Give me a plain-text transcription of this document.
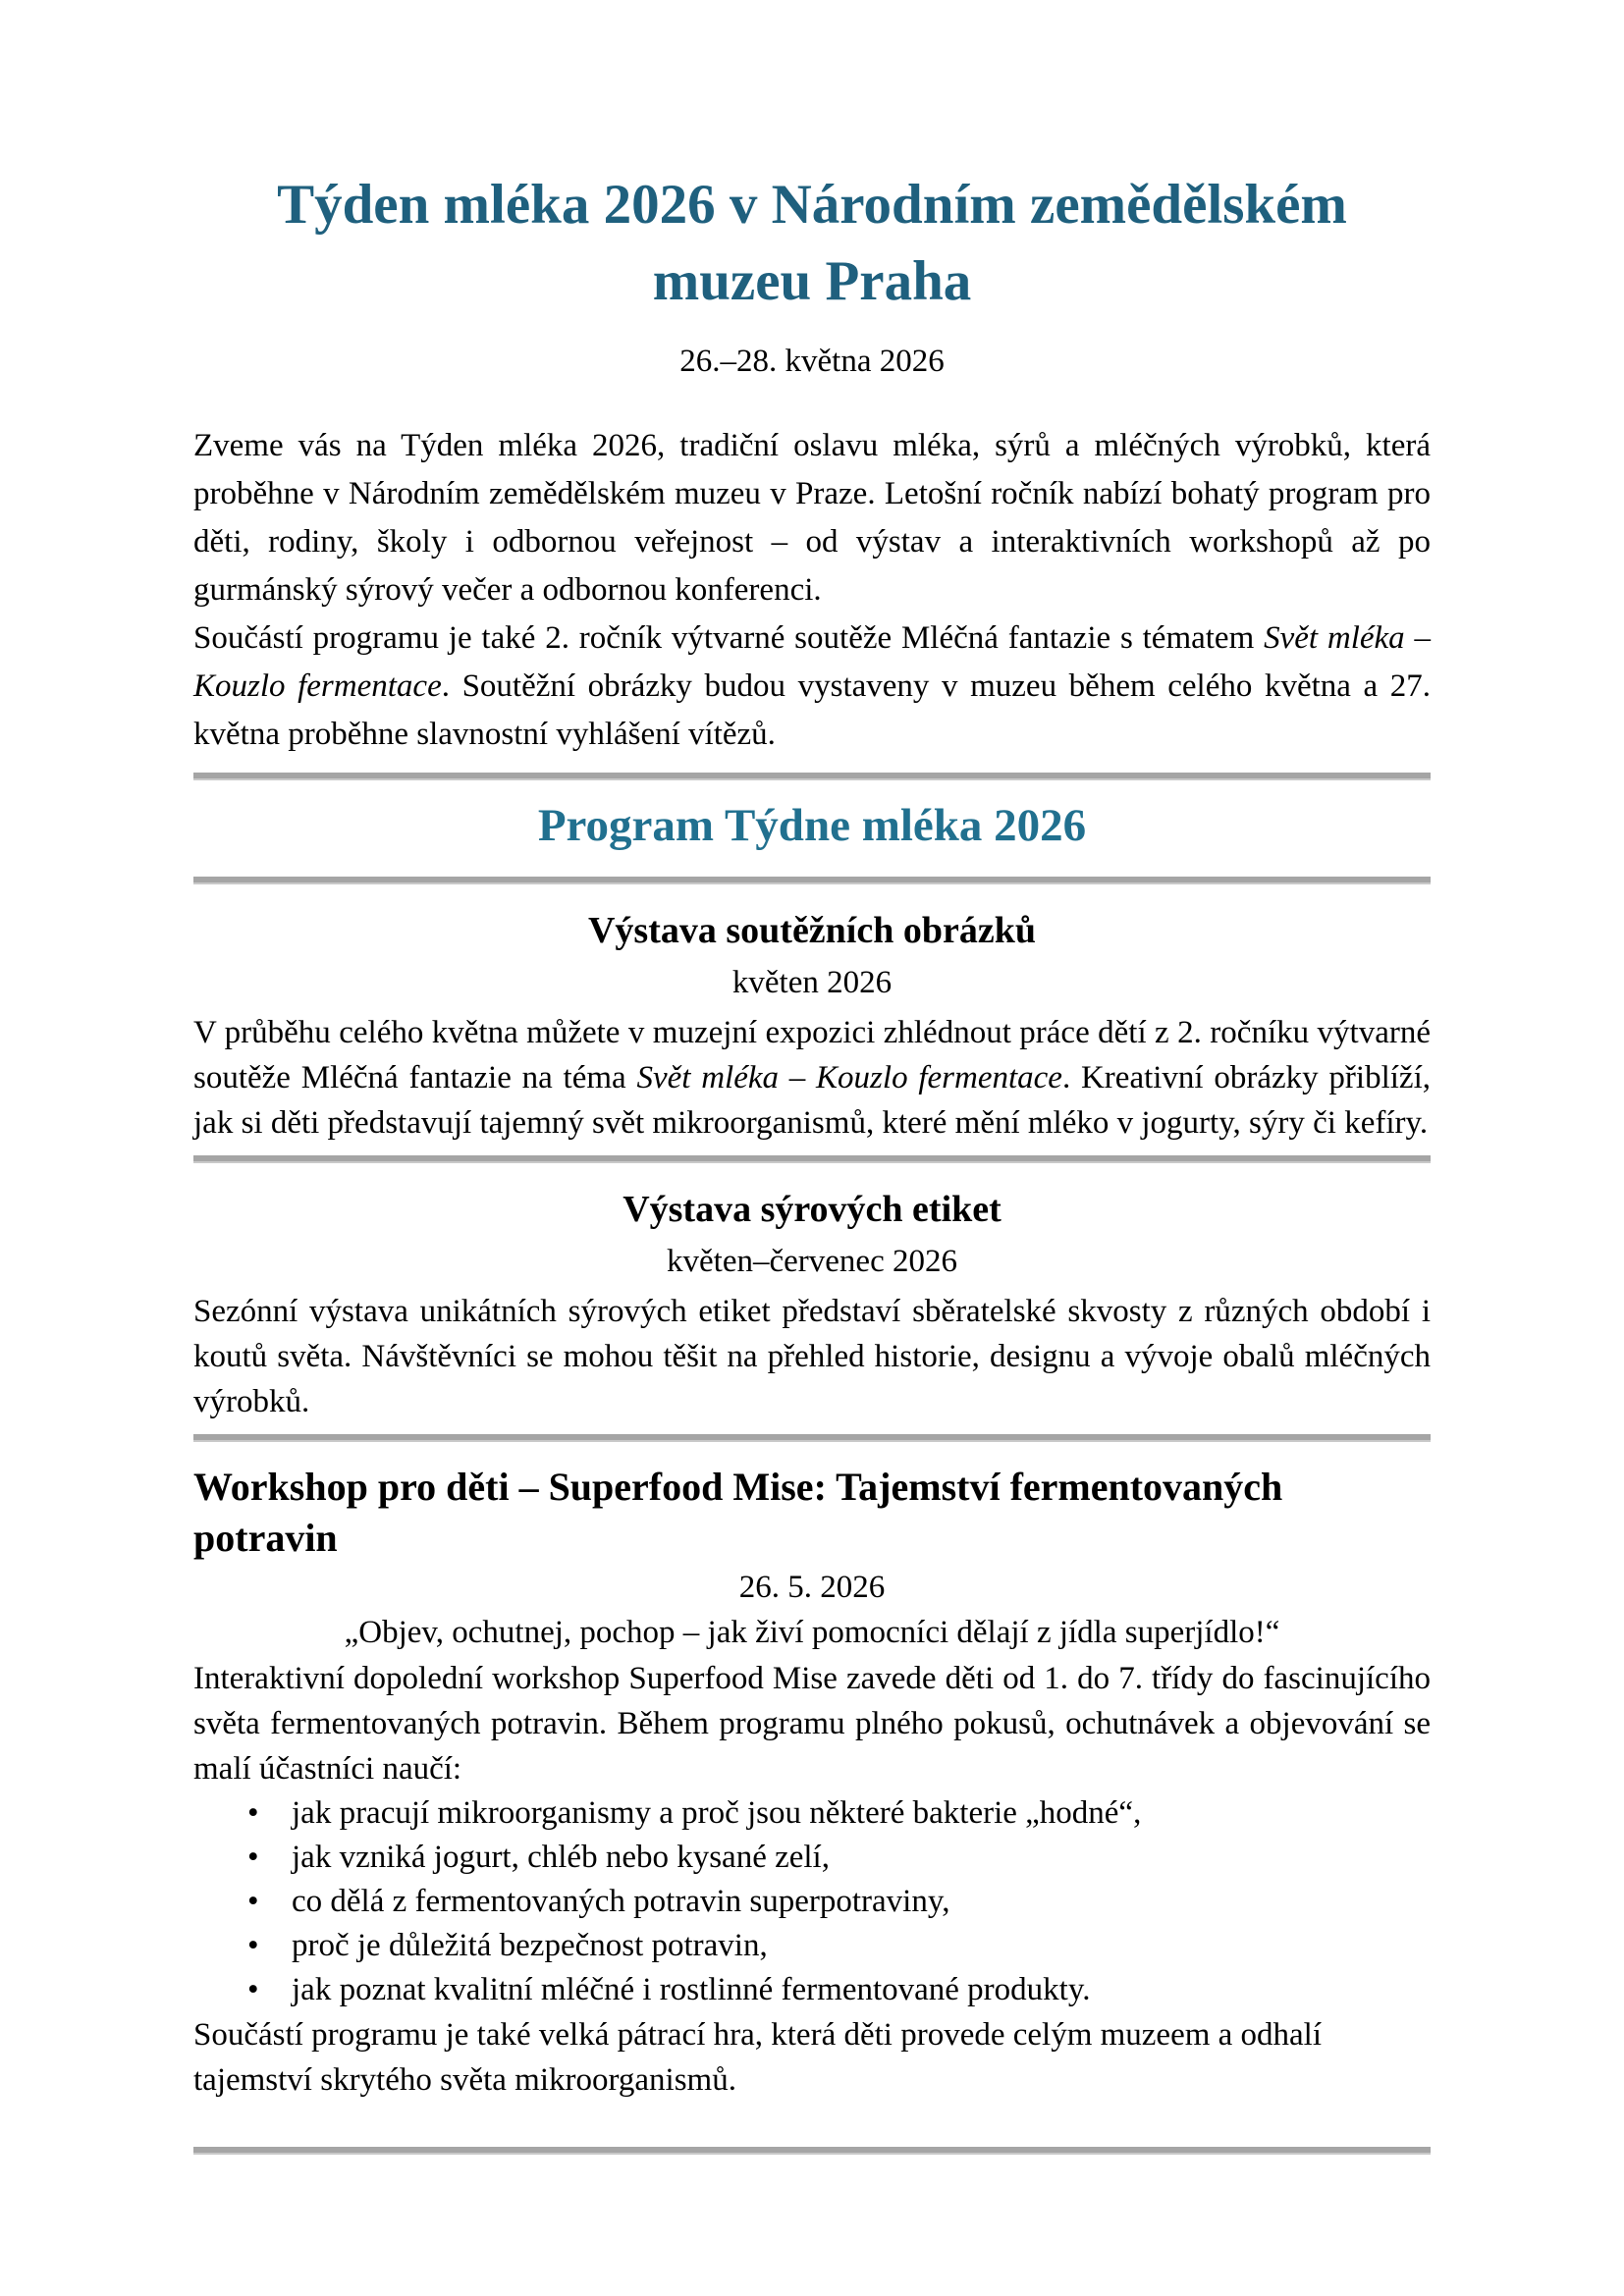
Týden mléka 2026 v Národním zemědělském muzeu Praha
26.–28. května 2026

Zveme vás na Týden mléka 2026, tradiční oslavu mléka, sýrů a mléčných výrobků, která proběhne v Národním zemědělském muzeu v Praze. Letošní ročník nabízí bohatý program pro děti, rodiny, školy i odbornou veřejnost – od výstav a interaktivních workshopů až po gurmánský sýrový večer a odbornou konferenci.

Součástí programu je také 2. ročník výtvarné soutěže Mléčná fantazie s tématem Svět mléka – Kouzlo fermentace. Soutěžní obrázky budou vystaveny v muzeu během celého května a 27. května proběhne slavnostní vyhlášení vítězů.

Program Týdne mléka 2026
Výstava soutěžních obrázků
květen 2026

V průběhu celého května můžete v muzejní expozici zhlédnout práce dětí z 2. ročníku výtvarné soutěže Mléčná fantazie na téma Svět mléka – Kouzlo fermentace. Kreativní obrázky přiblíží, jak si děti představují tajemný svět mikroorganismů, které mění mléko v jogurty, sýry či kefíry.

Výstava sýrových etiket
květen–červenec 2026

Sezónní výstava unikátních sýrových etiket představí sběratelské skvosty z různých období i koutů světa. Návštěvníci se mohou těšit na přehled historie, designu a vývoje obalů mléčných výrobků.

Workshop pro děti – Superfood Mise: Tajemství fermentovaných potravin
26. 5. 2026
„Objev, ochutnej, pochop – jak živí pomocníci dělají z jídla superjídlo!“

Interaktivní dopolední workshop Superfood Mise zavede děti od 1. do 7. třídy do fascinujícího světa fermentovaných potravin. Během programu plného pokusů, ochutnávek a objevování se malí účastníci naučí:

• jak pracují mikroorganismy a proč jsou některé bakterie „hodné“,
• jak vzniká jogurt, chléb nebo kysané zelí,
• co dělá z fermentovaných potravin superpotraviny,
• proč je důležitá bezpečnost potravin,
• jak poznat kvalitní mléčné i rostlinné fermentované produkty.

Součástí programu je také velká pátrací hra, která děti provede celým muzeem a odhalí tajemství skrytého světa mikroorganismů.
